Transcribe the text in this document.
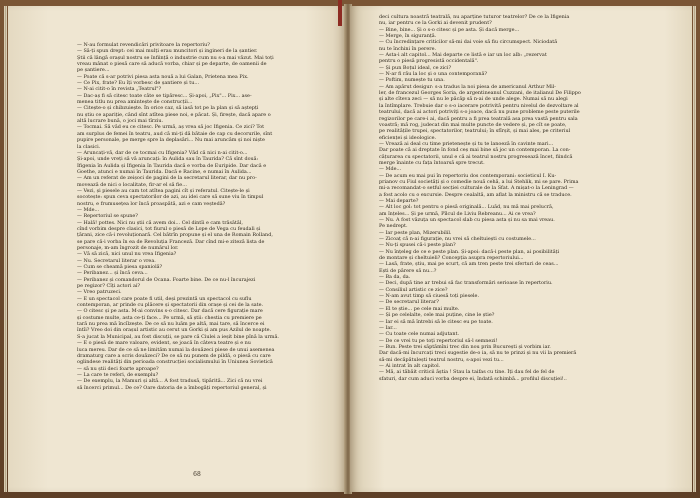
— N-au formulat revendicări privitoare la repertoriu?

— Să-ți spun drept: cei mai mulți erau muncitori și ingineri de la șantier.

Știi că lângă orașul nostru se înființă o industrie cum nu s-a mai văzut. Mai toți

vreau mânat o piesă care să aducă vorba, chiar și pe departe, de oamenii de

pe șantiere...

— Poate că s-ar potrivi piesa asta nouă a lui Galan, Prietena mea Pix.

— Ce Pix, frate? Eu îți vorbesc de șantiere și tu...

— N-ai citit-o în revista „Teatrul"?

— Dac-aș fi să citesc toate câte se tipăresc... Și-apoi, „Pix"... Pix... ase-

menea titlu nu prea amintește de construcții...

— Citește-o și chibzuiește. În orice caz, să iasă tot pe la plan și să aștepți

nu știu ce apariție, când sînt atîtea piese noi, e păcat. Și, firește, dacă apare o

altă lucrare bună, o joci mai tîrziu.

— Tocmai. Să văd eu ce citesc. Pe urmă, aș vrea să joc Ifigenia. Ce zici? Tot

am surplus de femei în teatru, aud că mi-ți dă bătaie de cap cu decorurile, sînt

pupire personale, pe merge spre la deplasări... Nu mai aruncăm și noi niște

la clasici.

— Aruncați-vă, dar de ce tocmai cu Ifigenia? Văd că nici n-ai citit-o...

Și-apoi, unde vreți să vă aruncați: în Aulida sau în Taurida? Că sînt două:

Ifigenia în Aulida și Ifigenia în Taurida dacă e vorba de Euripide. Dar dacă e

Goethe, atunci e numai în Taurida. Dacă e Racine, e numai în Aulida...

— Am un referat de zeișoci de pagini de la secretarul literar, dar nu pro-

movează de nici o localitate, fir-ar el să fie...

— Vezi, și piesele au cam tot atîtea pagini cît și referatul. Citește-le și

socotește: spun ceva spectatorilor de azi, au idei care să sune viu în timpul

nostru, e frumusețea lor încă proaspătă, azi e cam veștedă?

— Mde...

— Repertoriul se spune?

— Hală! pottes. Nici nu știi că avem doi... Cel dintîi e cam trăsătăl,

cînd vorbim despre clasici, tot fiurul o piesă de Lope de Vega cu feudali și

țărani, zice că-i revoluționară. Cel bătrîn propune și el una de Romain Rolland,

se pare că-i vorba în ea de Revoluția Franceză. Dar cînd mi-e ziteză lista de

personaje, m-am îngrozit de numărul lor.

— Vă să zică, nici unul nu vrea Ifigenia?

— Nu. Secretarul literar o vrea.

— Cum se cheamă piesa spaniolă?

— Peribanez... și încă ceva...

— Peribanez și comandorul de Ocana. Foarte bine. De ce nu-l încurajezi

pe regizor? Cîți actori ai?

— Vreo patruzeci.

— E un spectacol care poate fi util, deși prezintă un spectacol cu suflu

contemporan, ar prinde cu plăcere și spectatorii din orașe și cei de la sate.

— O citesc și pe asta. M-ai convins s-o citesc. Dar dacă cere figurație mare

și costume multe, asta ce-ți face... Pe urmă, să știi: chestia cu premiere pe

tară nu prea mă încîlzește. De ce să nu luăm pe altă, mai tare, să încerce ei

întîi? Vreo doi din orașul artistic au cerut un Gorki și am pus Azilul de noapte.

S-a jucat la Municipal, au fost discuții, se pare că Ciulei a ieșit bine pînă la urmă.

— E o piesă de mare valoare, evident, se joacă în câteva teatre și e nu

luca mereu. Dar de ce să ne limităm numai la douăzeci piese de unui asemenea

dramaturg care a scris douăzeci? De ce să nu punem de pildă, o piesă cu care

oglindese realități din perioada construcției socialismului în Uniunea Sovietică

— să nu știi deci foarte aproape?

— La care te referi, de exemplu?

— De exemplu, la Mamuri și altă... A fost tradusă, tipărită... Zici că nu vrei

să încerci primul... De ce? Oare datoria de a îmbogăți repertoriul general, și

68

deci cultura noastră teatrală, nu aparține tuturor teatrelor? De ce la Ifigenia

nu, iar pentru ce la Gorki ai devenit prudent?

— Bine, bine... Și o s-o citesc și pe asta. Și dacă merge...

— Merge, în siguranță.

— Cu încredințare criticilor să-mi dai voie să fiu circumspect. Niciodată

nu te închini în perere.

— Asta-i alt capitol... Mai departe ce listă e iar un loc alb: „rezervat

pentru o piesă progresistă occidentală".

— Și pun Boțul ideal, ce zici?

— N-ar fi rău la loc și o una contemporană?

— Poftim, numește tu una.

— Am apărut desigur: s-a tradus la noi piesa de americanul Arthur Mil-

ler, de francezul Georges Soria, de argentineanul Cuzzani, de italianul De Filippo

și alte cîteva zeci — să nu le păcăp să n-ai de unde alege. Numai să nu alegi

la întîmplare. Trebuie dar o s-o iacerare potrivită pentru nivelul de dezvoltare al

teatrului, dacă ai actori potriviți s-o joace, dacă nu pune probleme peste puterile

regizorilor pe care-i ai, dacă pentru a fi prea teatrală asa prea vastă pentru sala

voastră; mă rog, judecat din mai multe puncte de vedere și, pe cît se poate,

pe realitățile trupei, spectatorilor, teatrului; în sfîrșit, și mai ales, pe criteriul

eficienței și ideologice.

— Vrează ai deal cu time prietenește și tu te lanoeză în cavinte mari...

Dar poate că ai dreptate în fond ceș mai bine să joc un contemporan. La con-

cățurarea cu spectatorii, unul e că ai teatrul nostru progresează încet, fiindcă

merge înainte cu fața întoarsă spre trecut.

— Mde...

— De acum eu mai pui în repertoriu dos contemporani: societicul I. Ku-

prianov cu Fiul societăți și o comedie nouă cehă, a lui Stehlik, mi se pare. Prima

mi-a recomandat-o setful secției culturale de la Sfat. A mișat-o la Leningrad —

a fost acolo cu o excursie. Despre cealaltă, am aflat la ministru că se traduce.

— Mai departe?

— Alt loc gol: tot pentru o piesă originală... Luăd, nu mă mai prelucră,

am înțeles... Și pe urmă, Pîlcul de Liviu Rebreanu... Ai ce vrea?

— Nu. A fost văzuța un spectacol slab cu piesa asta și nu sa mai vreau.

Pe nedrept.

— Iar peste plan, Mizerubilil.

— Zicoaț că n-ai figurație, nu vrei să cheltuiești cu costumele...

— Nu-ți spusei că-i peste plan?

— Nu înțeleg de ce e peste plan. Și-apoi: dacă-i peste plan, ai posibilități

de montare și cheltuieli? Concepția asupra repertoriului...

— Lasă, frate, știu, mai pe scurt, că am tren peste trei sferturi de ceas...

Ești de părere să nu...?

— Ba da, da.

— Deci, după tine ar trebui să fac transformări serioase în repertoriu.

— Consiliul artistic ce zice?

— N-am avut timp să ciuesă toți piesele.

— De secretarul literar?

— El te știe... pe cele mai multe.

— Și pe celelalte, cele mai puține, cine le știe?

— Iar ei să mă întrebi să le citesc eu pe toate.

— Iar...

— Cu toate cele numai adjutant.

— De ce vrei tu pe toți repertoriul să-l semnezi!

— Bun. Peste trei săptămîni trec din nou prin București și vorbim iar.

Dar dacă-mi încurcați treci sugestie de-o ia, să nu te prinzi și nu vii la premieră

să-mi decăpătulești teatrul nostru, s-apoi vezi tu...

— Ai intrat în alt capitol.

— Mă, ai tăbăit criticii ăștia ! Stau la taifas cu tine. Îți dau fel de fel de

sfaturi, dar cum aduci vorba despre ei, îndată schimbă... profilul discuției!..
